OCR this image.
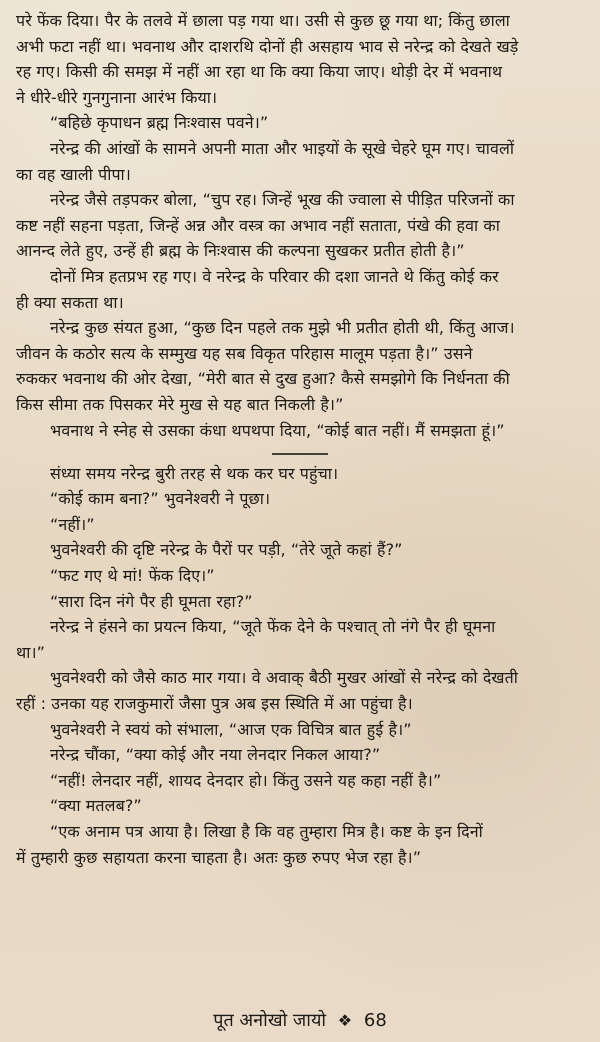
परे फेंक दिया। पैर के तलवे में छाला पड़ गया था। उसी से कुछ छू गया था; किंतु छाला
अभी फटा नहीं था। भवनाथ और दाशरथि दोनों ही असहाय भाव से नरेन्द्र को देखते खड़े
रह गए। किसी की समझ में नहीं आ रहा था कि क्या किया जाए। थोड़ी देर में भवनाथ
ने धीरे-धीरे गुनगुनाना आरंभ किया।
“बहिछे कृपाधन ब्रह्म निःश्वास पवने।”
नरेन्द्र की आंखों के सामने अपनी माता और भाइयों के सूखे चेहरे घूम गए। चावलों
का वह खाली पीपा।
नरेन्द्र जैसे तड़पकर बोला, “चुप रह। जिन्हें भूख की ज्वाला से पीड़ित परिजनों का
कष्ट नहीं सहना पड़ता, जिन्हें अन्न और वस्त्र का अभाव नहीं सताता, पंखे की हवा का
आनन्द लेते हुए, उन्हें ही ब्रह्म के निःश्वास की कल्पना सुखकर प्रतीत होती है।”
दोनों मित्र हतप्रभ रह गए। वे नरेन्द्र के परिवार की दशा जानते थे किंतु कोई कर
ही क्या सकता था।
नरेन्द्र कुछ संयत हुआ, “कुछ दिन पहले तक मुझे भी प्रतीत होती थी, किंतु आज।
जीवन के कठोर सत्य के सम्मुख यह सब विकृत परिहास मालूम पड़ता है।” उसने
रुककर भवनाथ की ओर देखा, “मेरी बात से दुख हुआ? कैसे समझोगे कि निर्धनता की
किस सीमा तक पिसकर मेरे मुख से यह बात निकली है।”
भवनाथ ने स्नेह से उसका कंधा थपथपा दिया, “कोई बात नहीं। मैं समझता हूं।”
संध्या समय नरेन्द्र बुरी तरह से थक कर घर पहुंचा।
“कोई काम बना?” भुवनेश्वरी ने पूछा।
“नहीं।”
भुवनेश्वरी की दृष्टि नरेन्द्र के पैरों पर पड़ी, “तेरे जूते कहां हैं?”
“फट गए थे मां! फेंक दिए।”
“सारा दिन नंगे पैर ही घूमता रहा?”
नरेन्द्र ने हंसने का प्रयत्न किया, “जूते फेंक देने के पश्चात् तो नंगे पैर ही घूमना
था।”
भुवनेश्वरी को जैसे काठ मार गया। वे अवाक् बैठी मुखर आंखों से नरेन्द्र को देखती
रहीं : उनका यह राजकुमारों जैसा पुत्र अब इस स्थिति में आ पहुंचा है।
भुवनेश्वरी ने स्वयं को संभाला, “आज एक विचित्र बात हुई है।”
नरेन्द्र चौंका, “क्या कोई और नया लेनदार निकल आया?”
“नहीं! लेनदार नहीं, शायद देनदार हो। किंतु उसने यह कहा नहीं है।”
“क्या मतलब?”
“एक अनाम पत्र आया है। लिखा है कि वह तुम्हारा मित्र है। कष्ट के इन दिनों
में तुम्हारी कुछ सहायता करना चाहता है। अतः कुछ रुपए भेज रहा है।”
पूत अनोखो जायो ❖ 68
